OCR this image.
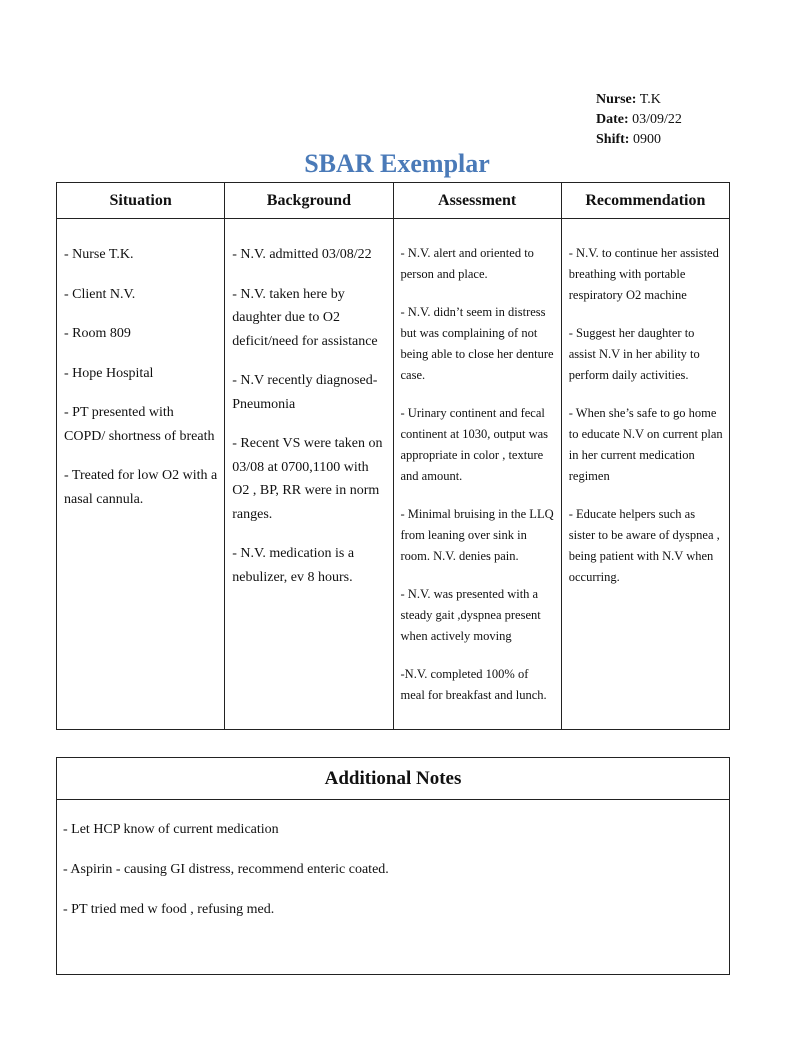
Nurse: T.K
Date: 03/09/22
Shift: 0900
SBAR Exemplar
Situation

- Nurse T.K.

- Client N.V.

- Room 809

- Hope Hospital

- PT presented with COPD/ shortness of breath

- Treated for low O2 with a nasal cannula.

Background

- N.V. admitted 03/08/22

- N.V. taken here by daughter due to O2 deficit/need for assistance

- N.V recently diagnosed- Pneumonia

- Recent VS were taken on 03/08 at 0700,1100 with O2 , BP, RR were in norm ranges.

- N.V. medication is a nebulizer, ev 8 hours.

Assessment

- N.V. alert and oriented to person and place.

- N.V. didn’t seem in distress but was complaining of not being able to close her denture case.

- Urinary continent and fecal continent at 1030, output was appropriate in color , texture and amount.

- Minimal bruising in the LLQ from leaning over sink in room. N.V. denies pain.

- N.V. was presented with a steady gait ,dyspnea present when actively moving

-N.V. completed 100% of meal for breakfast and lunch.

Recommendation

- N.V. to continue her assisted breathing with portable respiratory O2 machine

- Suggest her daughter to assist N.V in her ability to perform daily activities.

- When she’s safe to go home to educate N.V on current plan in her current medication regimen

- Educate helpers such as sister to be aware of dyspnea , being patient with N.V when occurring.

Additional Notes

- Let HCP know of current medication

- Aspirin - causing GI distress, recommend enteric coated.

- PT tried med w food , refusing med.
